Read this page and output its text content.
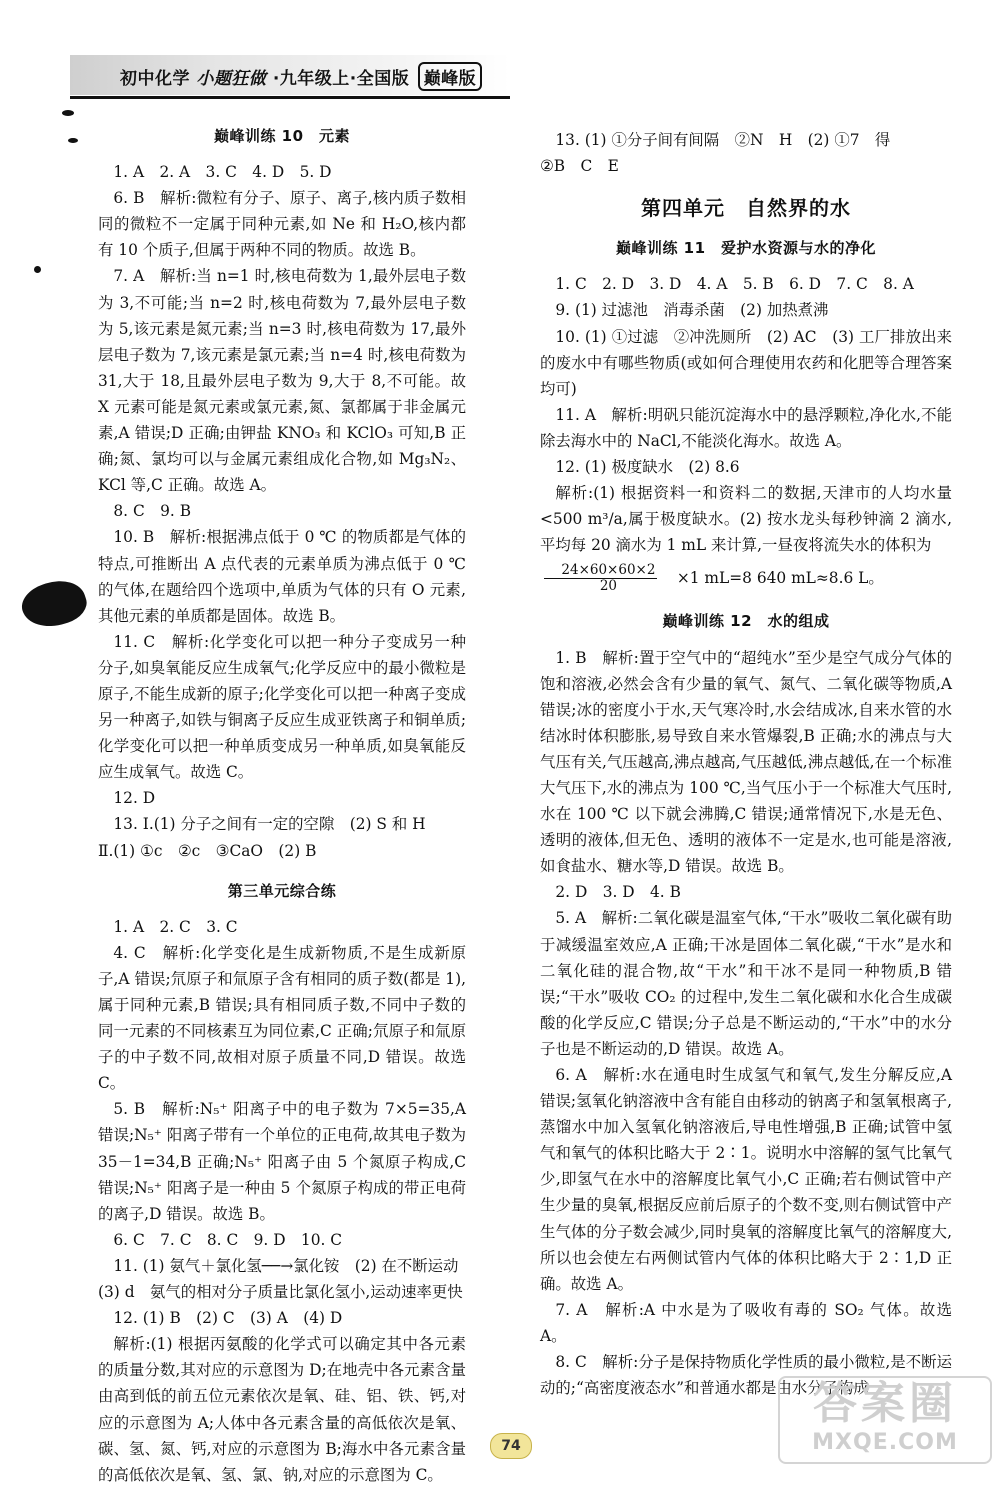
初中化学 小题狂做 ·九年级上·全国版 巅峰版
巅峰训练 10　元素

1. A　2. A　3. C　4. D　5. D

6. B　解析:微粒有分子、原子、离子,核内质子数相同的微粒不一定属于同种元素,如 Ne 和 H₂O,核内都有 10 个质子,但属于两种不同的物质。故选 B。

7. A　解析:当 n=1 时,核电荷数为 1,最外层电子数为 3,不可能;当 n=2 时,核电荷数为 7,最外层电子数为 5,该元素是氮元素;当 n=3 时,核电荷数为 17,最外层电子数为 7,该元素是氯元素;当 n=4 时,核电荷数为 31,大于 18,且最外层电子数为 9,大于 8,不可能。故 X 元素可能是氮元素或氯元素,氮、氯都属于非金属元素,A 错误;D 正确;由钾盐 KNO₃ 和 KClO₃ 可知,B 正确;氮、氯均可以与金属元素组成化合物,如 Mg₃N₂、KCl 等,C 正确。故选 A。

8. C　9. B

10. B　解析:根据沸点低于 0 ℃ 的物质都是气体的特点,可推断出 A 点代表的元素单质为沸点低于 0 ℃ 的气体,在题给四个选项中,单质为气体的只有 O 元素,其他元素的单质都是固体。故选 B。

11. C　解析:化学变化可以把一种分子变成另一种分子,如臭氧能反应生成氧气;化学反应中的最小微粒是原子,不能生成新的原子;化学变化可以把一种离子变成另一种离子,如铁与铜离子反应生成亚铁离子和铜单质;化学变化可以把一种单质变成另一种单质,如臭氧能反应生成氧气。故选 C。

12. D

13. Ⅰ.(1) 分子之间有一定的空隙　(2) S 和 H

Ⅱ.(1) ①c　②c　③CaO　(2) B

第三单元综合练

1. A　2. C　3. C

4. C　解析:化学变化是生成新物质,不是生成新原子,A 错误;氘原子和氚原子含有相同的质子数(都是 1),属于同种元素,B 错误;具有相同质子数,不同中子数的同一元素的不同核素互为同位素,C 正确;氘原子和氚原子的中子数不同,故相对原子质量不同,D 错误。故选 C。

5. B　解析:N₅⁺ 阳离子中的电子数为 7×5=35,A 错误;N₅⁺ 阳离子带有一个单位的正电荷,故其电子数为 35－1=34,B 正确;N₅⁺ 阳离子由 5 个氮原子构成,C 错误;N₅⁺ 阳离子是一种由 5 个氮原子构成的带正电荷的离子,D 错误。故选 B。

6. C　7. C　8. C　9. D　10. C

11. (1) 氨气＋氯化氢──→氯化铵　(2) 在不断运动

(3) d　氨气的相对分子质量比氯化氢小,运动速率更快

12. (1) B　(2) C　(3) A　(4) D

解析:(1) 根据丙氨酸的化学式可以确定其中各元素的质量分数,其对应的示意图为 D;在地壳中各元素含量由高到低的前五位元素依次是氧、硅、铝、铁、钙,对应的示意图为 A;人体中各元素含量的高低依次是氧、碳、氢、氮、钙,对应的示意图为 B;海水中各元素含量的高低依次是氧、氢、氯、钠,对应的示意图为 C。

13. (1) ①分子间有间隔　②N　H　(2) ①7　得

②B　C　E

第四单元　自然界的水
巅峰训练 11　爱护水资源与水的净化

1. C　2. D　3. D　4. A　5. B　6. D　7. C　8. A

9. (1) 过滤池　消毒杀菌　(2) 加热煮沸

10. (1) ①过滤　②冲洗厕所　(2) AC　(3) 工厂排放出来的废水中有哪些物质(或如何合理使用农药和化肥等合理答案均可)

11. A　解析:明矾只能沉淀海水中的悬浮颗粒,净化水,不能除去海水中的 NaCl,不能淡化海水。故选 A。

12. (1) 极度缺水　(2) 8.6

解析:(1) 根据资料一和资料二的数据,天津市的人均水量<500 m³/a,属于极度缺水。(2) 按水龙头每秒钟滴 2 滴水,平均每 20 滴水为 1 mL 来计算,一昼夜将流失水的体积为

$\frac{24\times 60\times 60\times 2}{20}$	×1 mL=8 640 mL≈8.6 L。
巅峰训练 12　水的组成

1. B　解析:置于空气中的“超纯水”至少是空气成分气体的饱和溶液,必然会含有少量的氧气、氮气、二氧化碳等物质,A 错误;冰的密度小于水,天气寒冷时,水会结成冰,自来水管的水结冰时体积膨胀,易导致自来水管爆裂,B 正确;水的沸点与大气压有关,气压越高,沸点越高,气压越低,沸点越低,在一个标准大气压下,水的沸点为 100 ℃,当气压小于一个标准大气压时,水在 100 ℃ 以下就会沸腾,C 错误;通常情况下,水是无色、透明的液体,但无色、透明的液体不一定是水,也可能是溶液,如食盐水、糖水等,D 错误。故选 B。

2. D　3. D　4. B

5. A　解析:二氧化碳是温室气体,“干水”吸收二氧化碳有助于减缓温室效应,A 正确;干冰是固体二氧化碳,“干水”是水和二氧化硅的混合物,故“干水”和干冰不是同一种物质,B 错误;“干水”吸收 CO₂ 的过程中,发生二氧化碳和水化合生成碳酸的化学反应,C 错误;分子总是不断运动的,“干水”中的水分子也是不断运动的,D 错误。故选 A。

6. A　解析:水在通电时生成氢气和氧气,发生分解反应,A 错误;氢氧化钠溶液中含有能自由移动的钠离子和氢氧根离子,蒸馏水中加入氢氧化钠溶液后,导电性增强,B 正确;试管中氢气和氧气的体积比略大于 2∶1。说明水中溶解的氢气比氧气少,即氢气在水中的溶解度比氧气小,C 正确;若右侧试管中产生少量的臭氧,根据反应前后原子的个数不变,则右侧试管中产生气体的分子数会减少,同时臭氧的溶解度比氧气的溶解度大,所以也会使左右两侧试管内气体的体积比略大于 2∶1,D 正确。故选 A。

7. A　解析:A 中水是为了吸收有毒的 SO₂ 气体。故选 A。

8. C　解析:分子是保持物质化学性质的最小微粒,是不断运动的;“高密度液态水”和普通水都是由水分子构成

74
答案圈
MXQE.COM
